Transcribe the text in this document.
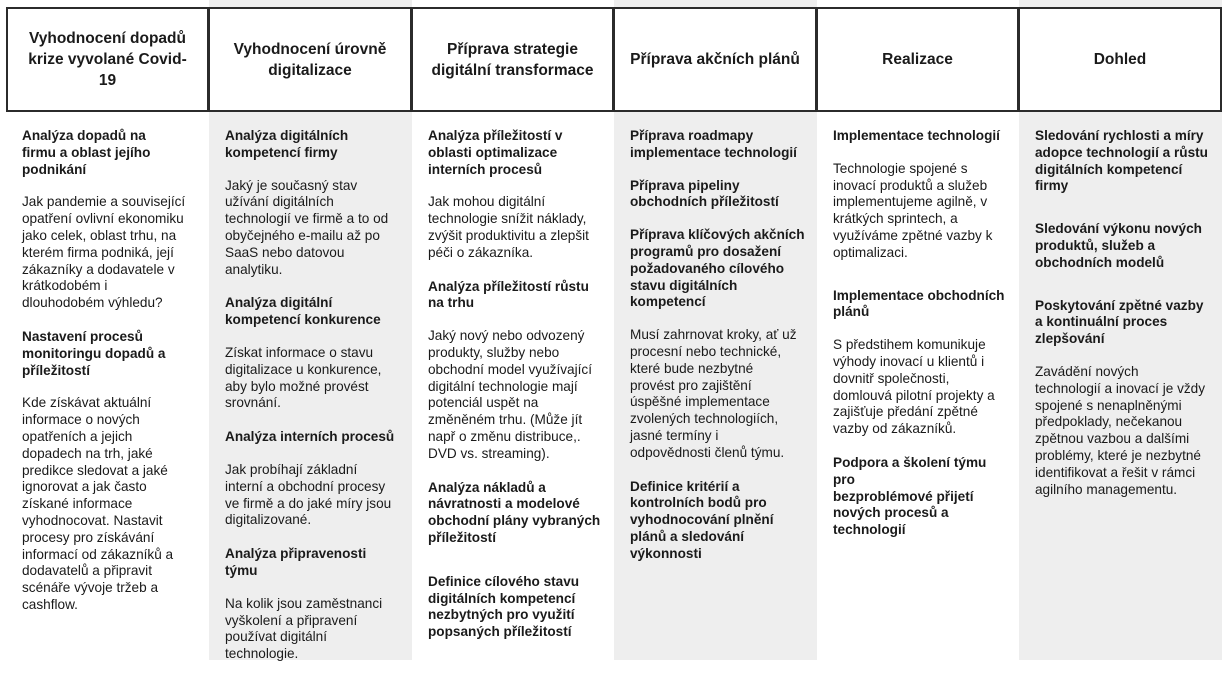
Vyhodnocení dopadů
krize vyvolané Covid-19

Analýza dopadů na
firmu a oblast jejího
podnikání

Jak pandemie a související
opatření ovlivní ekonomiku
jako celek, oblast trhu, na
kterém firma podniká, její
zákazníky a dodavatele v
krátkodobém i
dlouhodobém výhledu?

Nastavení procesů
monitoringu dopadů a
příležitostí

Kde získávat aktuální
informace o nových
opatřeních a jejich
dopadech na trh, jaké
predikce sledovat a jaké
ignorovat a jak často
získané informace
vyhodnocovat. Nastavit
procesy pro získávání
informací od zákazníků a
dodavatelů a připravit
scénáře vývoje tržeb a
cashflow.

Vyhodnocení úrovně
digitalizace

Analýza digitálních
kompetencí firmy

Jaký je současný stav
užívání digitálních
technologií ve firmě a to od
obyčejného e-mailu až po
SaaS nebo datovou
analytiku.

Analýza digitální
kompetencí konkurence

Získat informace o stavu
digitalizace u konkurence,
aby bylo možné provést
srovnání.

Analýza interních procesů

Jak probíhají základní
interní a obchodní procesy
ve firmě a do jaké míry jsou
digitalizované.

Analýza připravenosti týmu

Na kolik jsou zaměstnanci
vyškolení a připravení
používat digitální
technologie.

Příprava strategie
digitální transformace

Analýza příležitostí v
oblasti optimalizace
interních procesů

Jak mohou digitální
technologie snížit náklady,
zvýšit produktivitu a zlepšit
péči o zákazníka.

Analýza příležitostí růstu
na trhu

Jaký nový nebo odvozený
produkty, služby nebo
obchodní model využívající
digitální technologie mají
potenciál uspět na
změněném trhu. (Může jít
např o změnu distribuce,.
DVD vs. streaming).

Analýza nákladů a
návratnosti a modelové
obchodní plány vybraných
příležitostí

Definice cílového stavu
digitálních kompetencí
nezbytných pro využití
popsaných příležitostí

Příprava akčních plánů

Příprava roadmapy
implementace technologií

Příprava pipeliny
obchodních příležitostí

Příprava klíčových akčních
programů pro dosažení
požadovaného cílového
stavu digitálních
kompetencí

Musí zahrnovat kroky, ať už
procesní nebo technické,
které bude nezbytné
provést pro zajištění
úspěšné implementace
zvolených technologiích,
jasné termíny i
odpovědnosti členů týmu.

Definice kritérií a
kontrolních bodů pro
vyhodnocování plnění
plánů a sledování
výkonnosti

Realizace

Implementace technologií

Technologie spojené s
inovací produktů a služeb
implementujeme agilně, v
krátkých sprintech, a
využíváme zpětné vazby k
optimalizaci.

Implementace obchodních
plánů

S předstihem komunikuje
výhody inovací u klientů i
dovnitř společnosti,
domlouvá pilotní projekty a
zajišťuje předání zpětné
vazby od zákazníků.

Podpora a školení týmu pro
bezproblémové přijetí
nových procesů a
technologií

Dohled

Sledování rychlosti a míry
adopce technologií a růstu
digitálních kompetencí
firmy

Sledování výkonu nových
produktů, služeb a
obchodních modelů

Poskytování zpětné vazby
a kontinuální proces
zlepšování

Zavádění nových
technologií a inovací je vždy
spojené s nenaplněnými
předpoklady, nečekanou
zpětnou vazbou a dalšími
problémy, které je nezbytné
identifikovat a řešit v rámci
agilního managementu.
